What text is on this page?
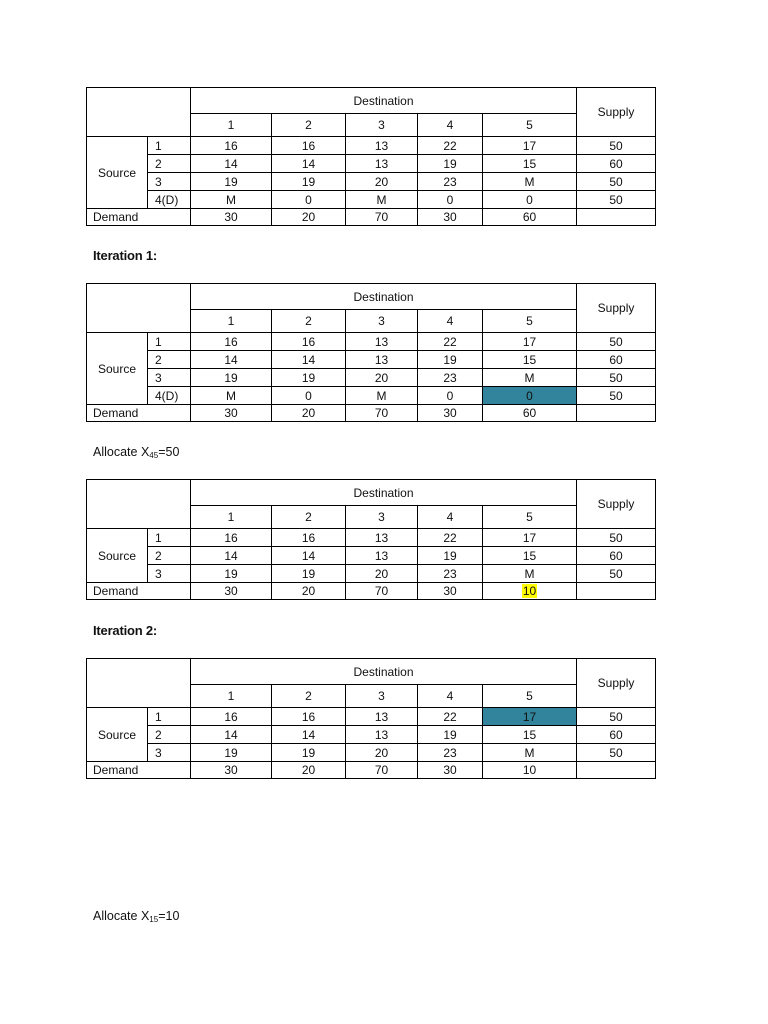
		Destination					Supply
		1	2	3	4	5	
Source	1	16	16	13	22	17	50
	2	14	14	13	19	15	60
	3	19	19	20	23	M	50
	4(D)	M	0	M	0	0	50
Demand		30	20	70	30	60	
Iteration 1:
		Destination					Supply
		1	2	3	4	5	
Source	1	16	16	13	22	17	50
	2	14	14	13	19	15	60
	3	19	19	20	23	M	50
	4(D)	M	0	M	0	0	50
Demand		30	20	70	30	60	
Allocate $X_{45}=50$
		Destination					Supply
		1	2	3	4	5	
Source	1	16	16	13	22	17	50
	2	14	14	13	19	15	60
	3	19	19	20	23	M	50
Demand		30	20	70	30	10	
Iteration 2:
		Destination					Supply
		1	2	3	4	5	
Source	1	16	16	13	22	17	50
	2	14	14	13	19	15	60
	3	19	19	20	23	M	50
Demand		30	20	70	30	10	
Allocate $X_{15}=10$
